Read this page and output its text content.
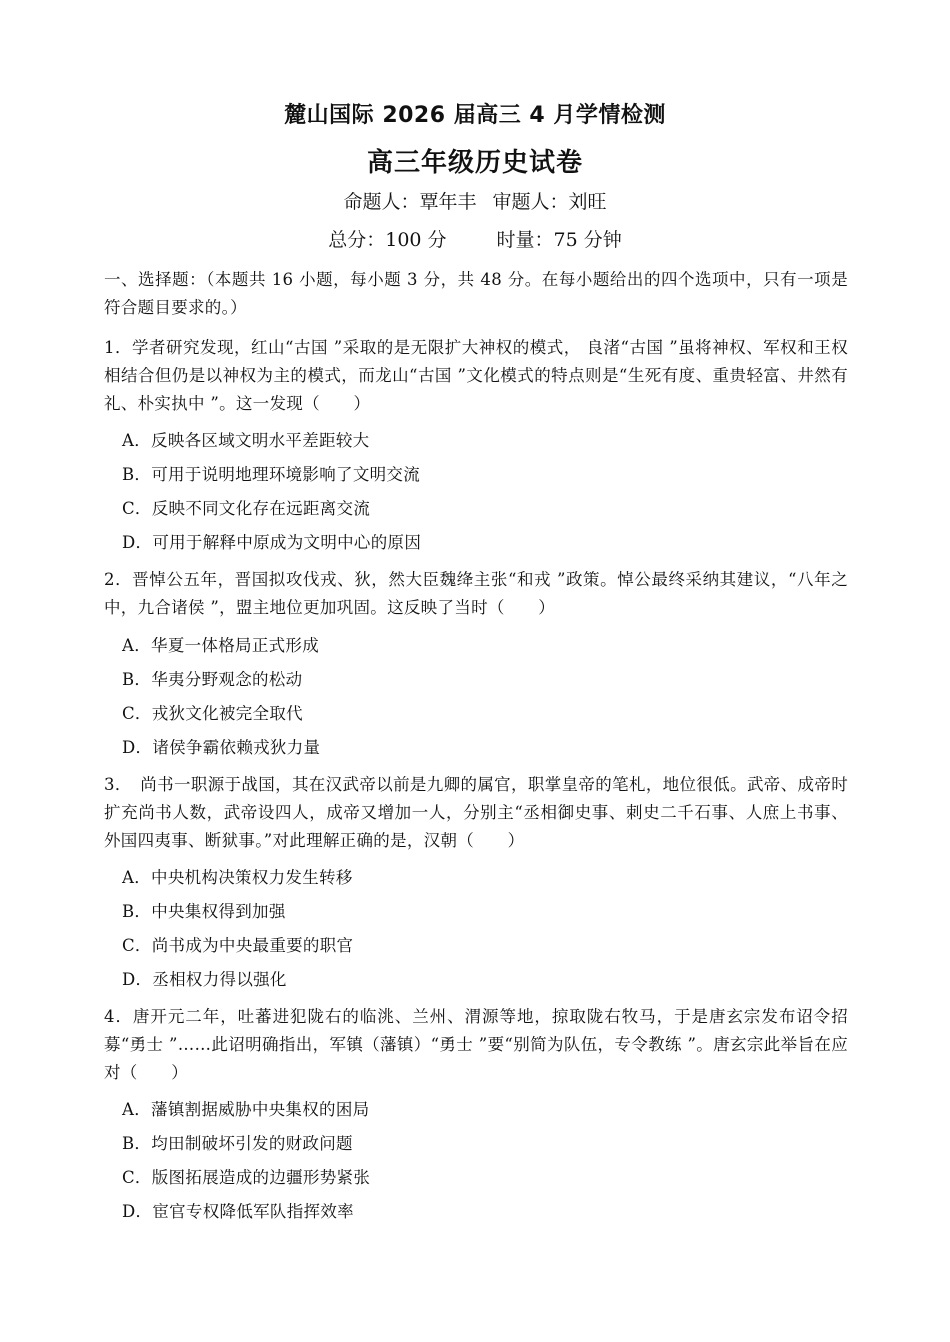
麓山国际 2026 届高三 4 月学情检测
高三年级历史试卷
命题人：覃年丰 审题人：刘旺
总分：100 分	时量：75 分钟
一、选择题：（本题共 16 小题，每小题 3 分，共 48 分。在每小题给出的四个选项中，只有一项是符合题目要求的。）
1．学者研究发现，红山“古国 ”采取的是无限扩大神权的模式， 良渚“古国 ”虽将神权、军权和王权相结合但仍是以神权为主的模式，而龙山“古国 ”文化模式的特点则是“生死有度、重贵轻富、井然有礼、朴实执中 ”。这一发现（　　）
A．反映各区域文明水平差距较大
B．可用于说明地理环境影响了文明交流
C．反映不同文化存在远距离交流
D．可用于解释中原成为文明中心的原因
2．晋悼公五年，晋国拟攻伐戎、狄，然大臣魏绛主张“和戎 ”政策。悼公最终采纳其建议，“八年之中，九合诸侯 ”，盟主地位更加巩固。这反映了当时（　　）
A．华夏一体格局正式形成
B．华夷分野观念的松动
C．戎狄文化被完全取代
D．诸侯争霸依赖戎狄力量
3．　尚书一职源于战国，其在汉武帝以前是九卿的属官，职掌皇帝的笔札，地位很低。武帝、成帝时扩充尚书人数，武帝设四人，成帝又增加一人，分别主“丞相御史事、刺史二千石事、人庶上书事、外国四夷事、断狱事。”对此理解正确的是，汉朝（　　）
A．中央机构决策权力发生转移
B．中央集权得到加强
C．尚书成为中央最重要的职官
D．丞相权力得以强化
4．唐开元二年，吐蕃进犯陇右的临洮、兰州、渭源等地，掠取陇右牧马，于是唐玄宗发布诏令招募“勇士 ”……此诏明确指出，军镇（藩镇）“勇士 ”要“别简为队伍，专令教练 ”。唐玄宗此举旨在应对（　　）
A．藩镇割据威胁中央集权的困局
B．均田制破坏引发的财政问题
C．版图拓展造成的边疆形势紧张
D．宦官专权降低军队指挥效率
